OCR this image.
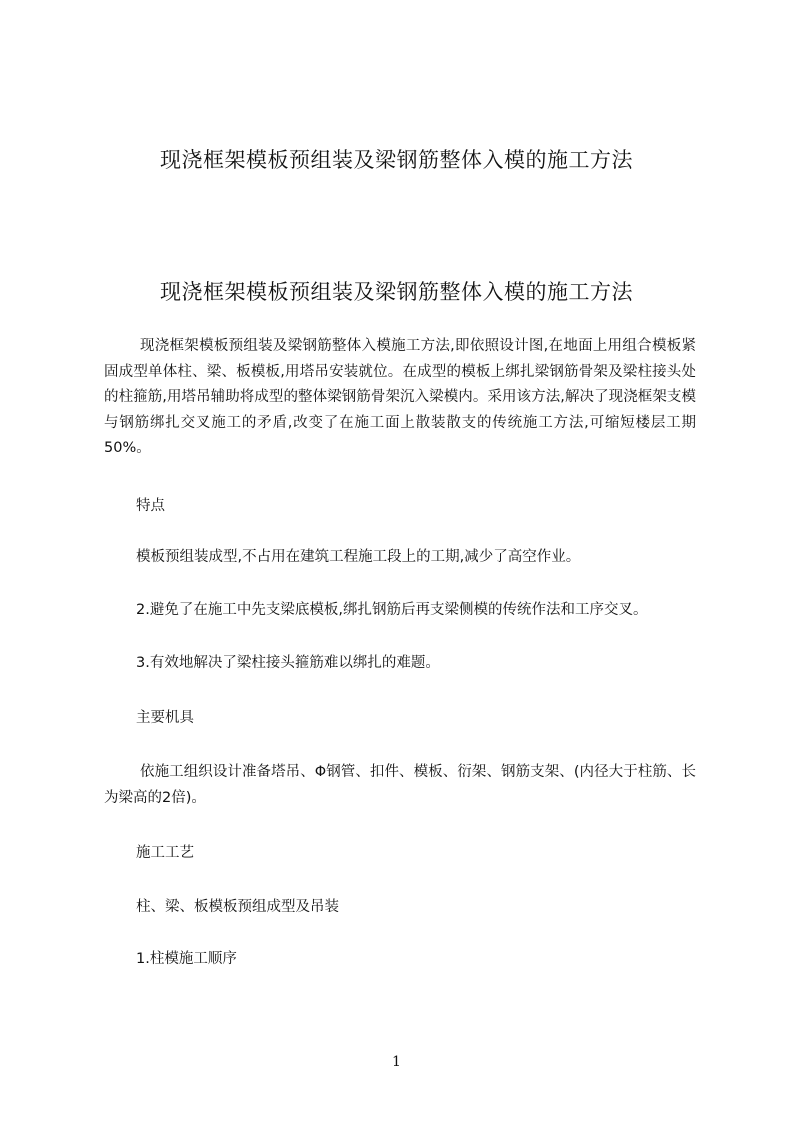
现浇框架模板预组装及梁钢筋整体入模的施工方法
现浇框架模板预组装及梁钢筋整体入模的施工方法

现浇框架模板预组装及梁钢筋整体入模施工方法,即依照设计图,在地面上用组合模板紧固成型单体柱、梁、板模板,用塔吊安装就位。在成型的模板上绑扎梁钢筋骨架及梁柱接头处的柱箍筋,用塔吊辅助将成型的整体梁钢筋骨架沉入梁模内。采用该方法,解决了现浇框架支模与钢筋绑扎交叉施工的矛盾,改变了在施工面上散装散支的传统施工方法,可缩短楼层工期50%。

特点

模板预组装成型,不占用在建筑工程施工段上的工期,减少了高空作业。

2.避免了在施工中先支梁底模板,绑扎钢筋后再支梁侧模的传统作法和工序交叉。

3.有效地解决了梁柱接头箍筋难以绑扎的难题。

主要机具

依施工组织设计准备塔吊、Φ钢管、扣件、模板、衍架、钢筋支架、(内径大于柱筋、长为梁高的2倍)。

施工工艺

柱、梁、板模板预组成型及吊装

1.柱模施工顺序

1
